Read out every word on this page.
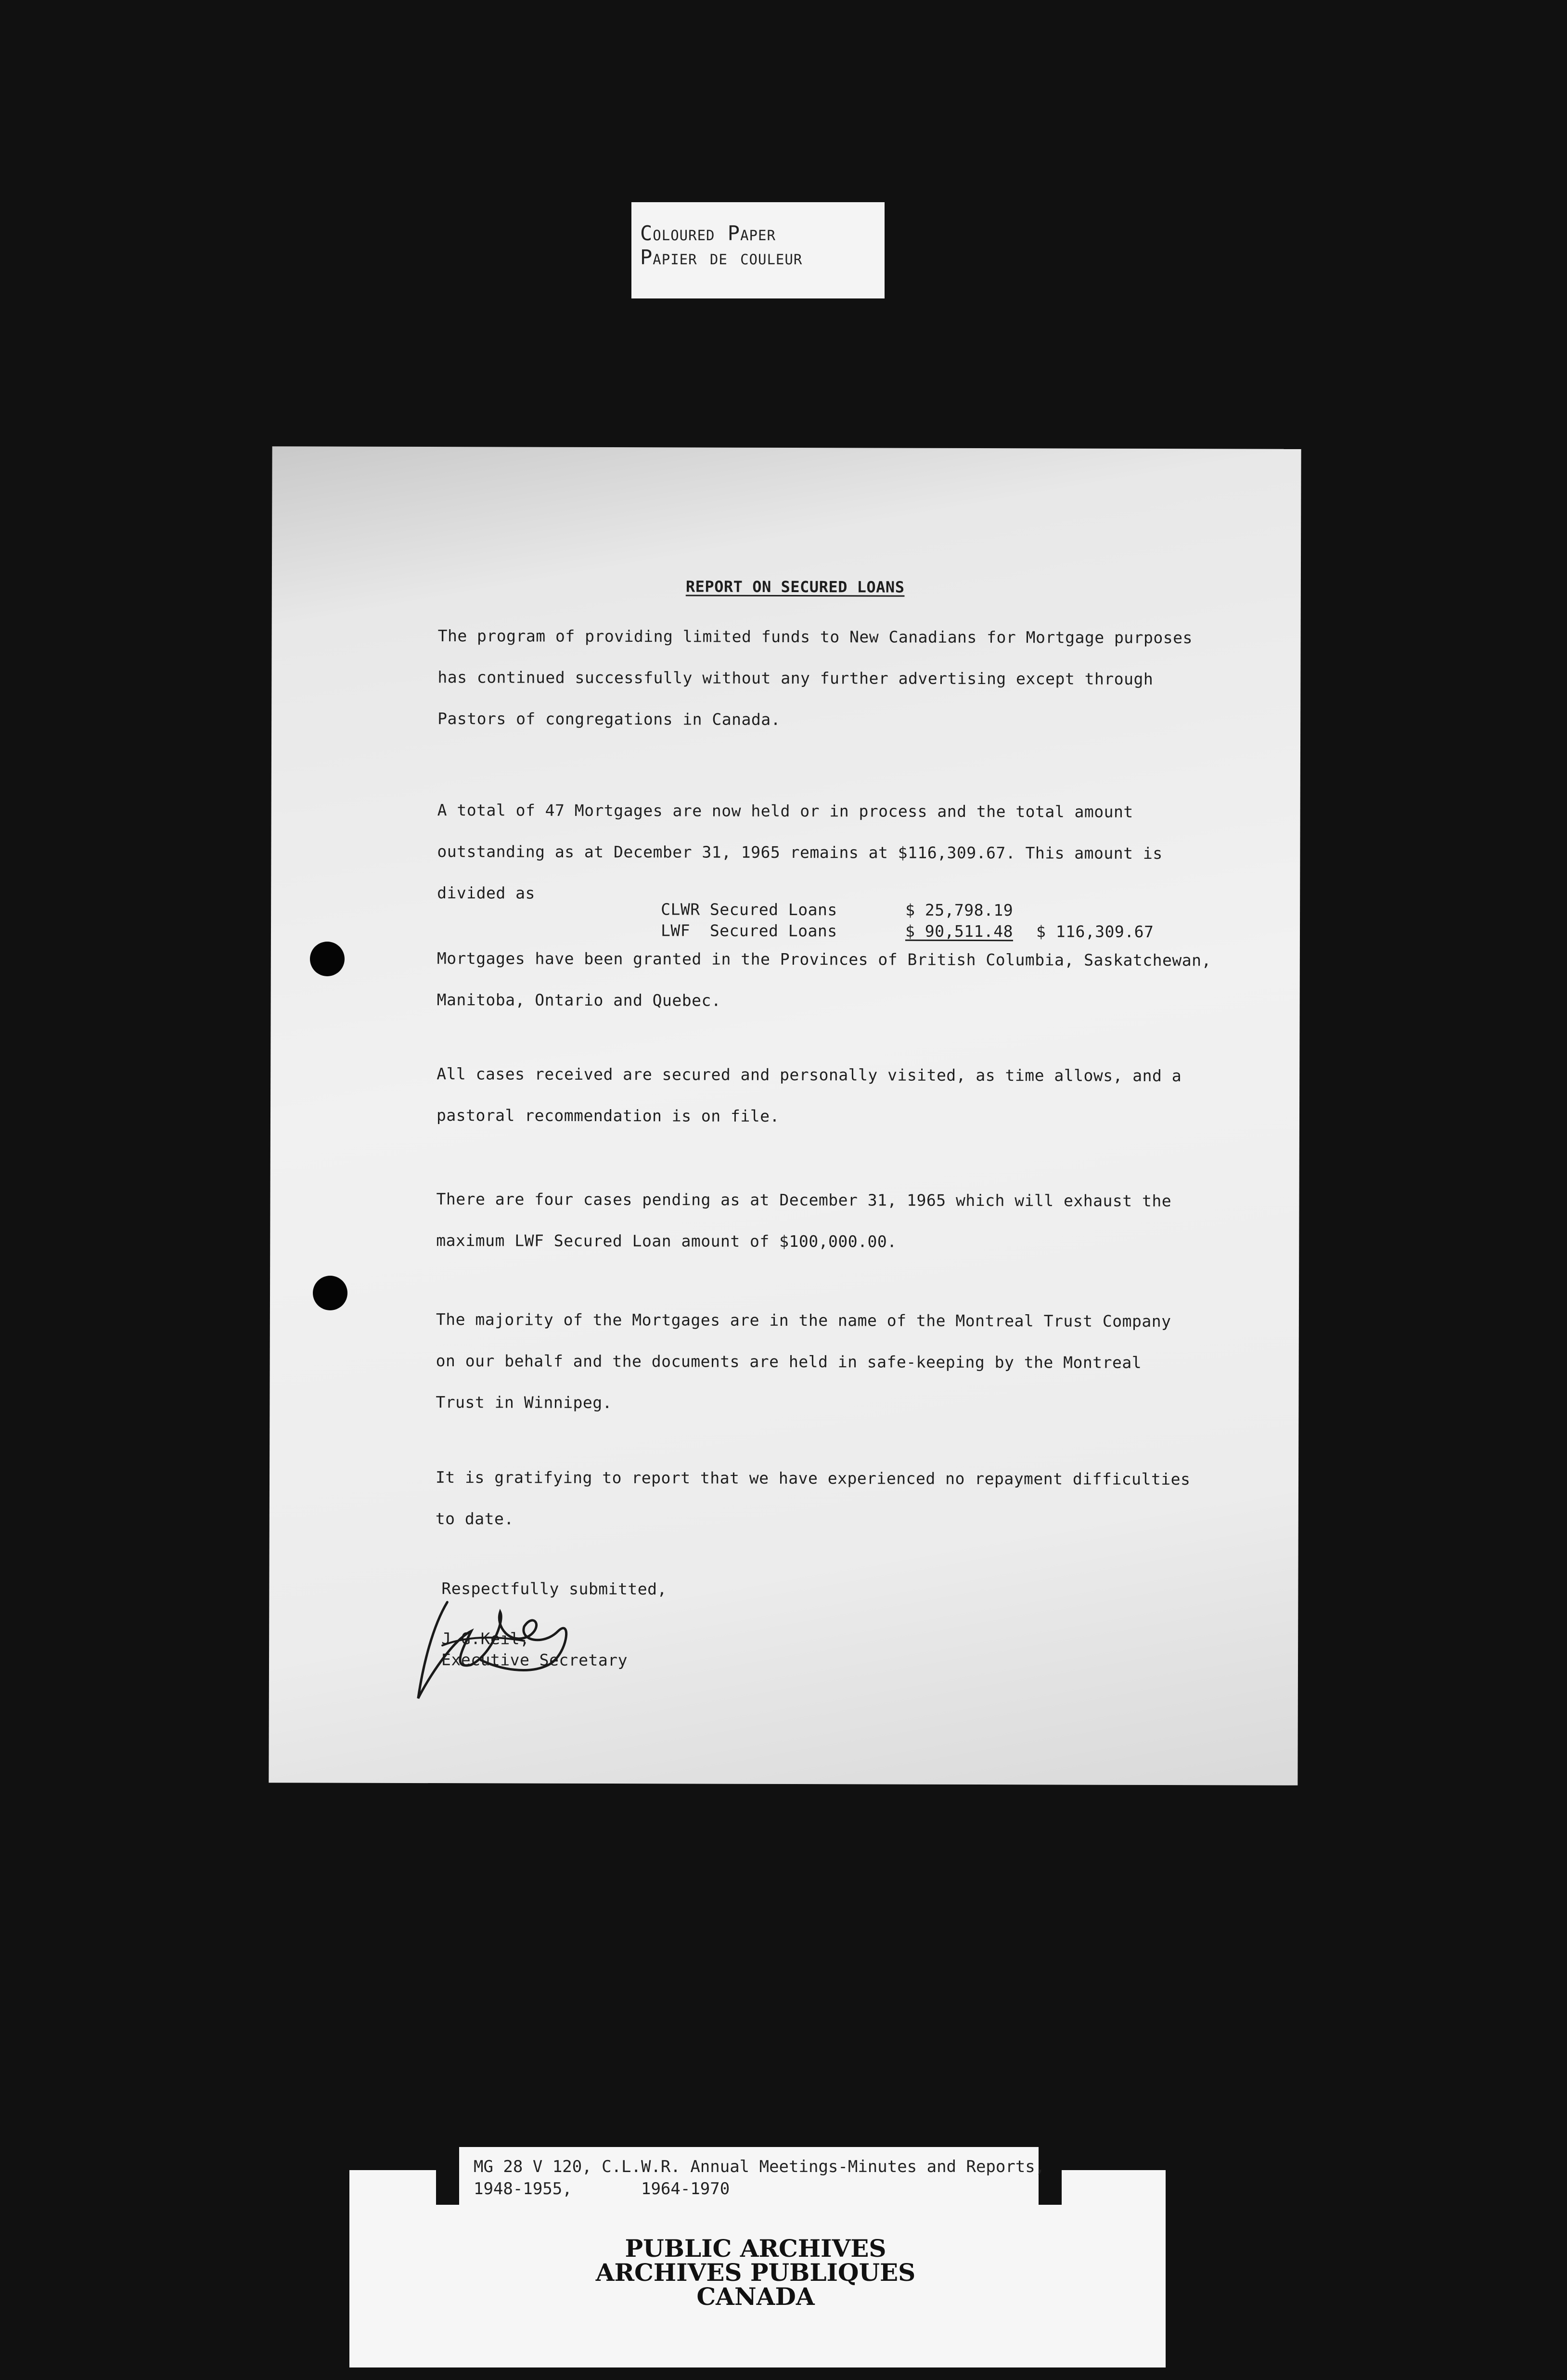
Coloured Paper
Papier de couleur
REPORT ON SECURED LOANS
The program of providing limited funds to New Canadians for Mortgage purposes
has continued successfully without any further advertising except through
Pastors of congregations in Canada.
A total of 47 Mortgages are now held or in process and the total amount
outstanding as at December 31, 1965 remains at $116,309.67. This amount is
divided as
CLWR Secured Loans	$ 25,798.19
LWF  Secured Loans	$ 90,511.48 $ 116,309.67
Mortgages have been granted in the Provinces of British Columbia, Saskatchewan,
Manitoba, Ontario and Quebec.
All cases received are secured and personally visited, as time allows, and a
pastoral recommendation is on file.
There are four cases pending as at December 31, 1965 which will exhaust the
maximum LWF Secured Loan amount of $100,000.00.
The majority of the Mortgages are in the name of the Montreal Trust Company
on our behalf and the documents are held in safe-keeping by the Montreal
Trust in Winnipeg.
It is gratifying to report that we have experienced no repayment difficulties
to date.
Respectfully submitted,
J.G.Keil,
Executive Secretary
MG 28 V 120, C.L.W.R. Annual Meetings-Minutes and Reports,
1948-1955,       1964-1970
PUBLIC ARCHIVES
ARCHIVES PUBLIQUES
CANADA
